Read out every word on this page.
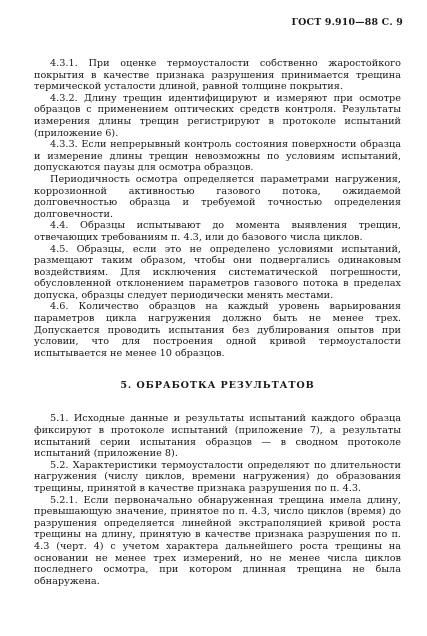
ГОСТ 9.910—88 С. 9

4.3.1. При оценке термоусталости собственно жаростойкого покрытия в качестве признака разрушения принимается трещина термической усталости длиной, равной толщине покрытия.

4.3.2. Длину трещин идентифицируют и измеряют при осмотре образцов с применением оптических средств контроля. Результаты измерения длины трещин регистрируют в протоколе испытаний (приложение 6).

4.3.3. Если непрерывный контроль состояния поверхности образца и измерение длины трещин невозможны по условиям испытаний, допускаются паузы для осмотра образцов.

Периодичность осмотра определяется параметрами нагружения, коррозионной активностью газового потока, ожидаемой долговечностью образца и требуемой точностью определения долговечности.

4.4. Образцы испытывают до момента выявления трещин, отвечающих требованиям п. 4.3, или до базового числа циклов.

4.5. Образцы, если это не определено условиями испытаний, размещают таким образом, чтобы они подвергались одинаковым воздействиям. Для исключения систематической погрешности, обусловленной отклонением параметров газового потока в пределах допуска, образцы следует периодически менять местами.

4.6. Количество образцов на каждый уровень варьирования параметров цикла нагружения должно быть не менее трех. Допускается проводить испытания без дублирования опытов при условии, что для построения одной кривой термоусталости испытывается не менее 10 образцов.

5. ОБРАБОТКА РЕЗУЛЬТАТОВ

5.1. Исходные данные и результаты испытаний каждого образца фиксируют в протоколе испытаний (приложение 7), а результаты испытаний серии испытания образцов — в сводном протоколе испытаний (приложение 8).

5.2. Характеристики термоусталости определяют по длительности нагружения (числу циклов, времени нагружения) до образования трещины, принятой в качестве признака разрушения по п. 4.3.

5.2.1. Если первоначально обнаруженная трещина имела длину, превышающую значение, принятое по п. 4.3, число циклов (время) до разрушения определяется линейной экстраполяцией кривой роста трещины на длину, принятую в качестве признака разрушения по п. 4.3 (черт. 4) с учетом характера дальнейшего роста трещины на основании не менее трех измерений, но не менее числа циклов последнего осмотра, при котором длинная трещина не была обнаружена.
